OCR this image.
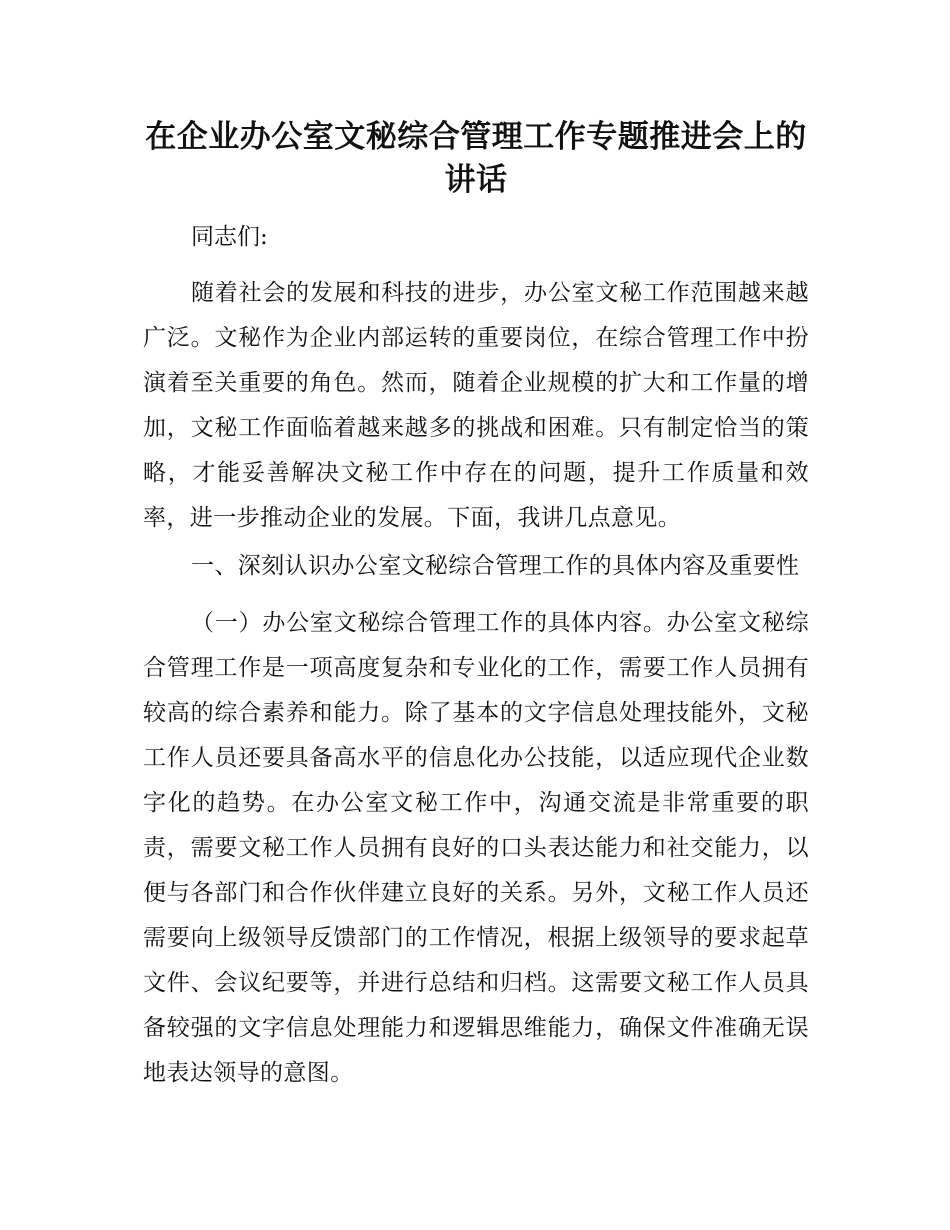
在企业办公室文秘综合管理工作专题推进会上的讲话

同志们:

随着社会的发展和科技的进步，办公室文秘工作范围越来越广泛。文秘作为企业内部运转的重要岗位，在综合管理工作中扮演着至关重要的角色。然而，随着企业规模的扩大和工作量的增加，文秘工作面临着越来越多的挑战和困难。只有制定恰当的策略，才能妥善解决文秘工作中存在的问题，提升工作质量和效率，进一步推动企业的发展。下面，我讲几点意见。

一、深刻认识办公室文秘综合管理工作的具体内容及重要性

（一）办公室文秘综合管理工作的具体内容。办公室文秘综合管理工作是一项高度复杂和专业化的工作，需要工作人员拥有较高的综合素养和能力。除了基本的文字信息处理技能外，文秘工作人员还要具备高水平的信息化办公技能，以适应现代企业数字化的趋势。在办公室文秘工作中，沟通交流是非常重要的职责，需要文秘工作人员拥有良好的口头表达能力和社交能力，以便与各部门和合作伙伴建立良好的关系。另外，文秘工作人员还需要向上级领导反馈部门的工作情况，根据上级领导的要求起草文件、会议纪要等，并进行总结和归档。这需要文秘工作人员具备较强的文字信息处理能力和逻辑思维能力，确保文件准确无误地表达领导的意图。
